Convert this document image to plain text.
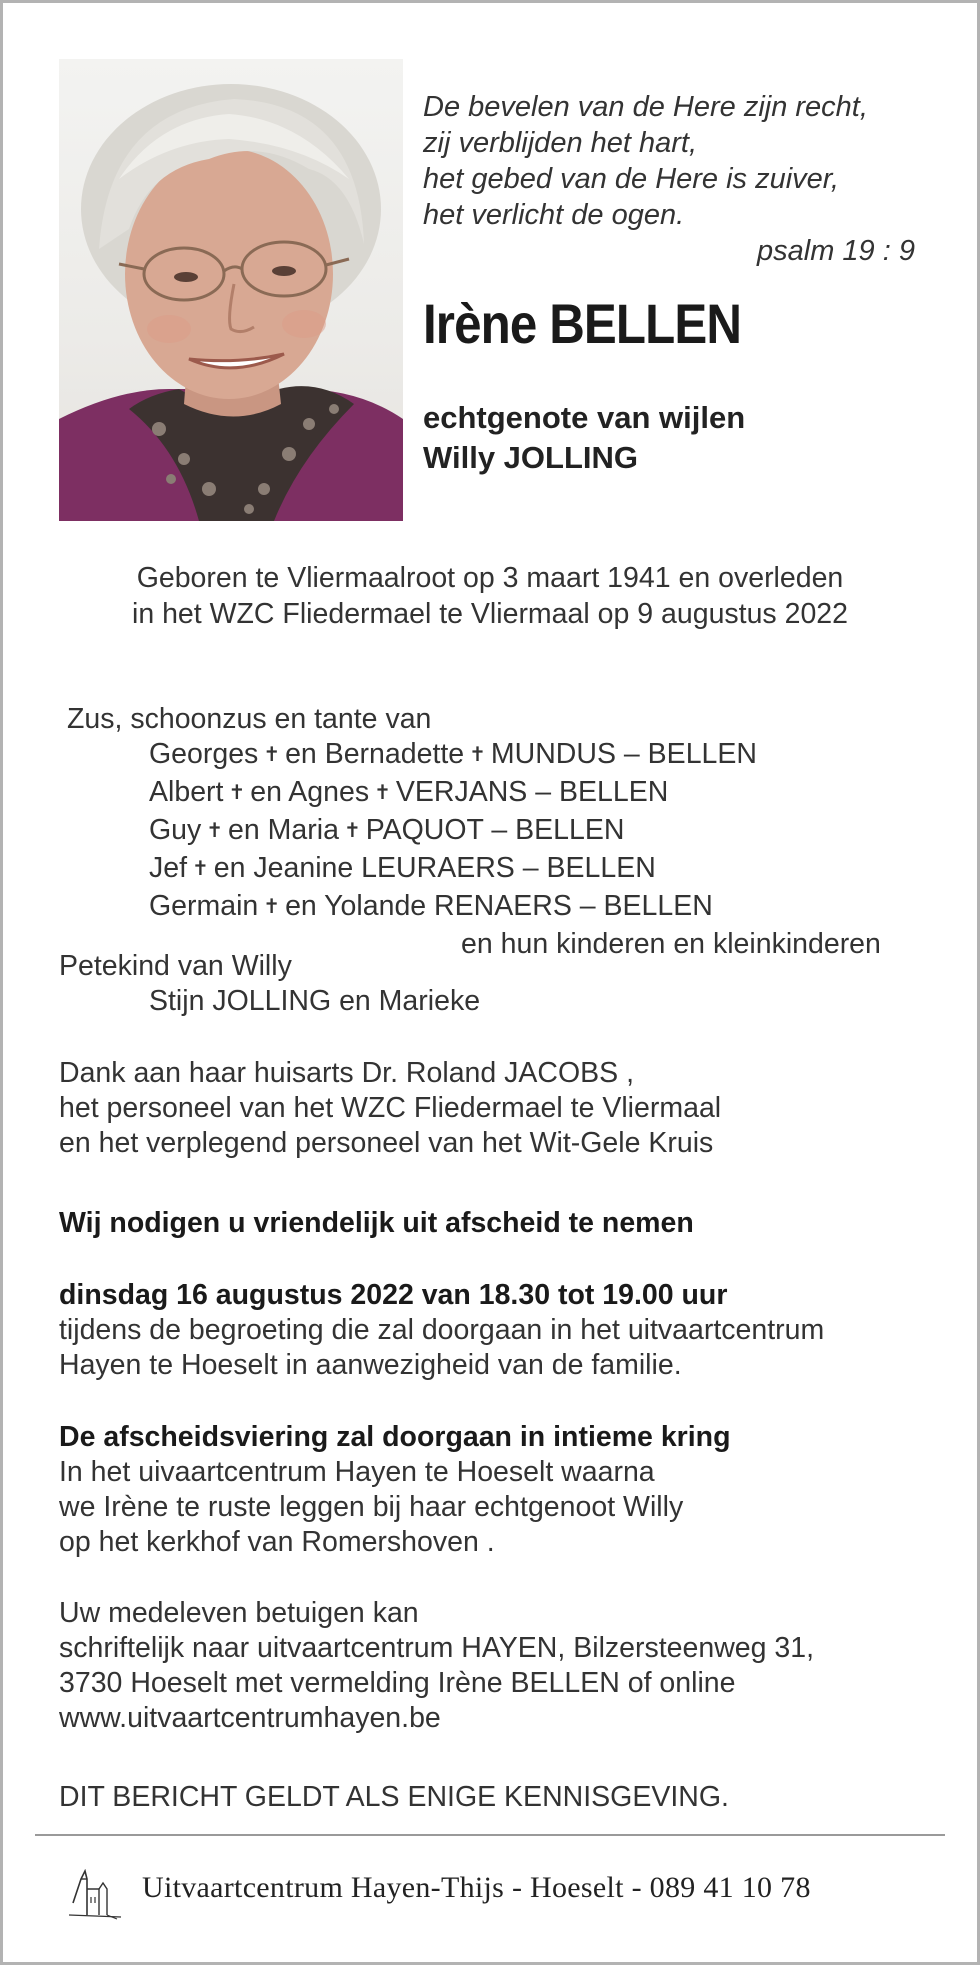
De bevelen van de Here zijn recht,
zij verblijden het hart,
het gebed van de Here is zuiver,
het verlicht de ogen.
psalm 19 : 9
Irène BELLEN
echtgenote van wijlen
Willy JOLLING
Geboren te Vliermaalroot op 3 maart 1941 en overleden
in het WZC Fliedermael te Vliermaal op 9 augustus 2022
Zus, schoonzus en tante van
Georges ✝ en Bernadette ✝ MUNDUS – BELLEN
Albert ✝ en Agnes ✝ VERJANS – BELLEN
Guy ✝ en Maria ✝ PAQUOT – BELLEN
Jef ✝ en Jeanine LEURAERS – BELLEN
Germain ✝ en Yolande RENAERS – BELLEN
en hun kinderen en kleinkinderen
Petekind van Willy
Stijn JOLLING en Marieke
Dank aan haar huisarts Dr. Roland JACOBS ,
het personeel van het WZC Fliedermael te Vliermaal
en het verplegend personeel van het Wit-Gele Kruis
Wij nodigen u vriendelijk uit afscheid te nemen
dinsdag 16 augustus 2022 van 18.30 tot 19.00 uur
tijdens de begroeting die zal doorgaan in het uitvaartcentrum
Hayen te Hoeselt in aanwezigheid van de familie.
De afscheidsviering zal doorgaan in intieme kring
In het uivaartcentrum Hayen te Hoeselt waarna
we Irène te ruste leggen bij haar echtgenoot Willy
op het kerkhof van Romershoven .
Uw medeleven betuigen kan
schriftelijk naar uitvaartcentrum HAYEN, Bilzersteenweg 31,
3730 Hoeselt met vermelding Irène BELLEN of online
www.uitvaartcentrumhayen.be
DIT BERICHT GELDT ALS ENIGE KENNISGEVING.
Uitvaartcentrum Hayen-Thijs - Hoeselt - 089 41 10 78
